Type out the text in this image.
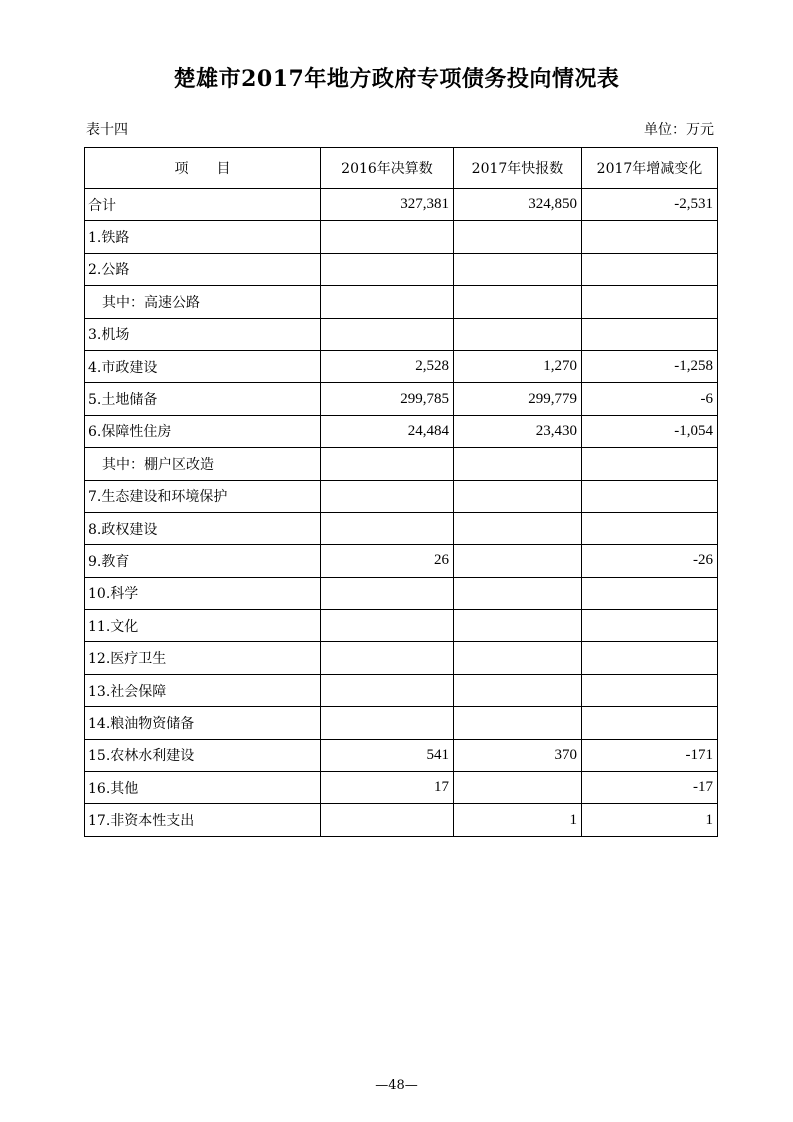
楚雄市2017年地方政府专项债务投向情况表
表十四	单位：万元
项　　目	2016年决算数	2017年快报数	2017年增减变化
合计	327,381	324,850	-2,531
1.铁路			
2.公路			
　其中：高速公路			
3.机场			
4.市政建设	2,528	1,270	-1,258
5.土地储备	299,785	299,779	-6
6.保障性住房	24,484	23,430	-1,054
　其中：棚户区改造			
7.生态建设和环境保护			
8.政权建设			
9.教育	26		-26
10.科学			
11.文化			
12.医疗卫生			
13.社会保障			
14.粮油物资储备			
15.农林水利建设	541	370	-171
16.其他	17		-17
17.非资本性支出		1	1
—48—
